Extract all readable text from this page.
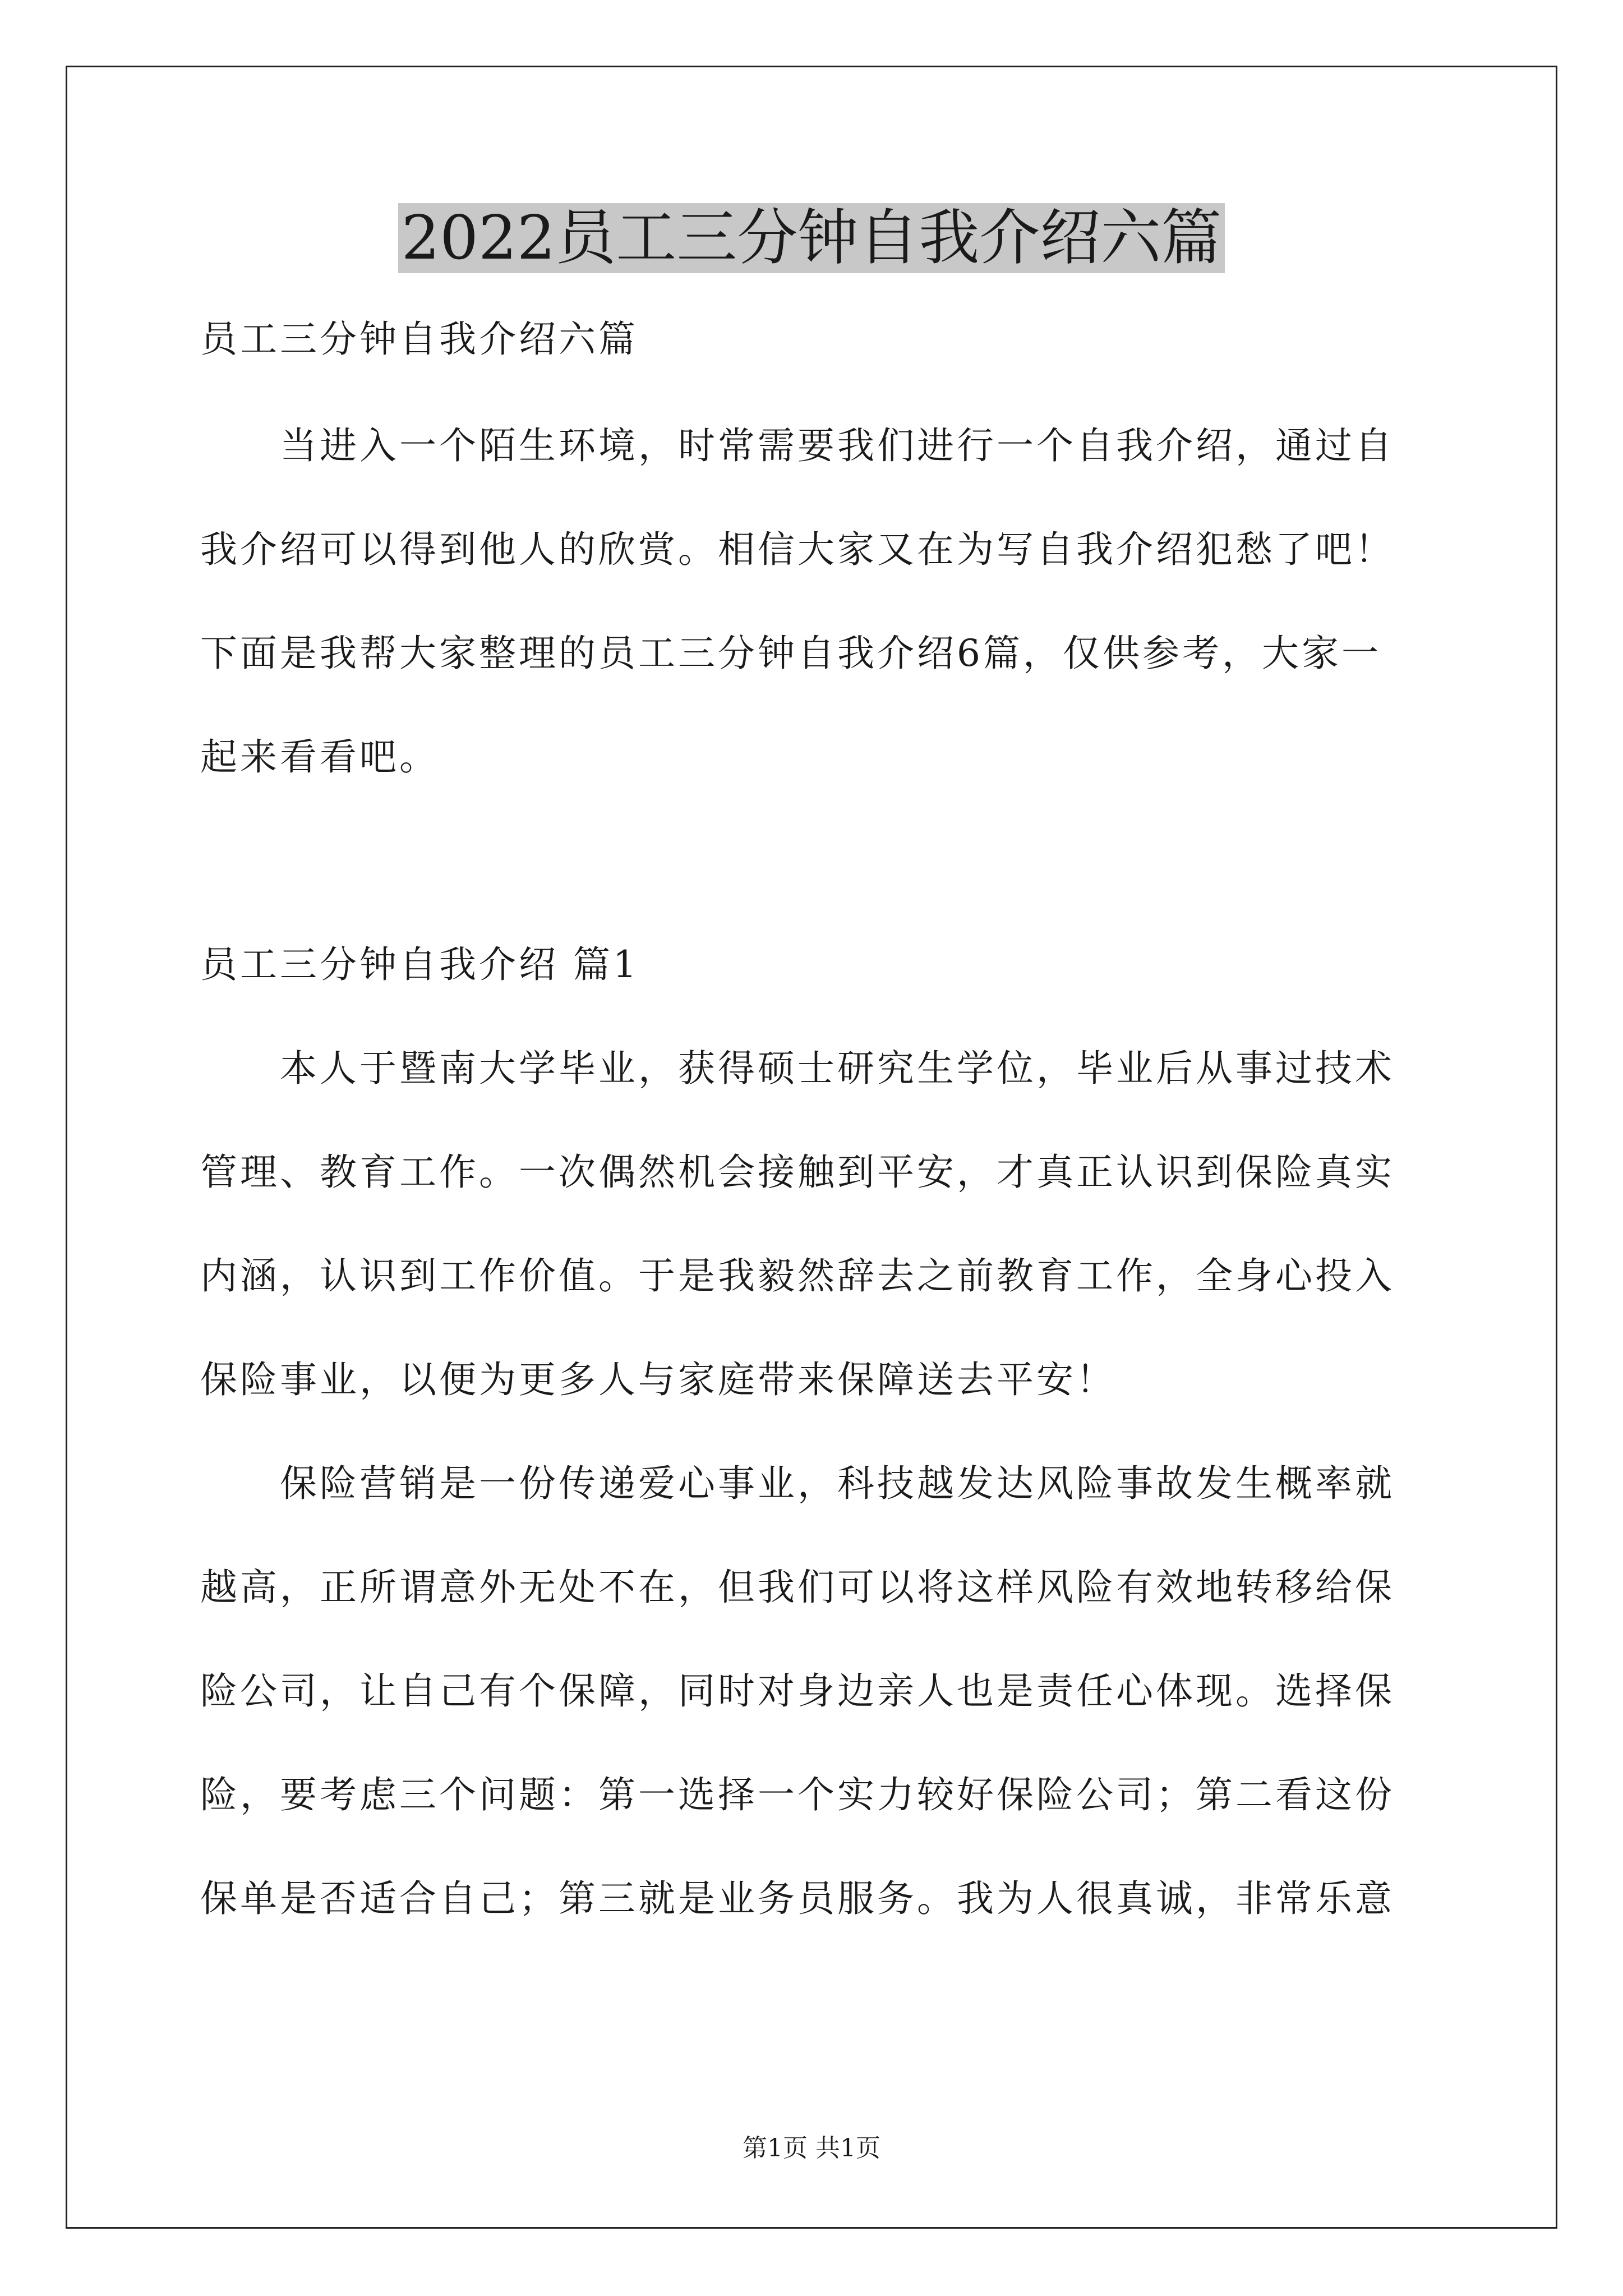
2022员工三分钟自我介绍六篇
员工三分钟自我介绍六篇
当进入一个陌生环境，时常需要我们进行一个自我介绍，通过自
我介绍可以得到他人的欣赏。相信大家又在为写自我介绍犯愁了吧！
下面是我帮大家整理的员工三分钟自我介绍6篇，仅供参考，大家一
起来看看吧。
员工三分钟自我介绍 篇1
本人于暨南大学毕业，获得硕士研究生学位，毕业后从事过技术
管理、教育工作。一次偶然机会接触到平安，才真正认识到保险真实
内涵，认识到工作价值。于是我毅然辞去之前教育工作，全身心投入
保险事业，以便为更多人与家庭带来保障送去平安！
保险营销是一份传递爱心事业，科技越发达风险事故发生概率就
越高，正所谓意外无处不在，但我们可以将这样风险有效地转移给保
险公司，让自己有个保障，同时对身边亲人也是责任心体现。选择保
险，要考虑三个问题：第一选择一个实力较好保险公司；第二看这份
保单是否适合自己；第三就是业务员服务。我为人很真诚，非常乐意
第1页 共1页
